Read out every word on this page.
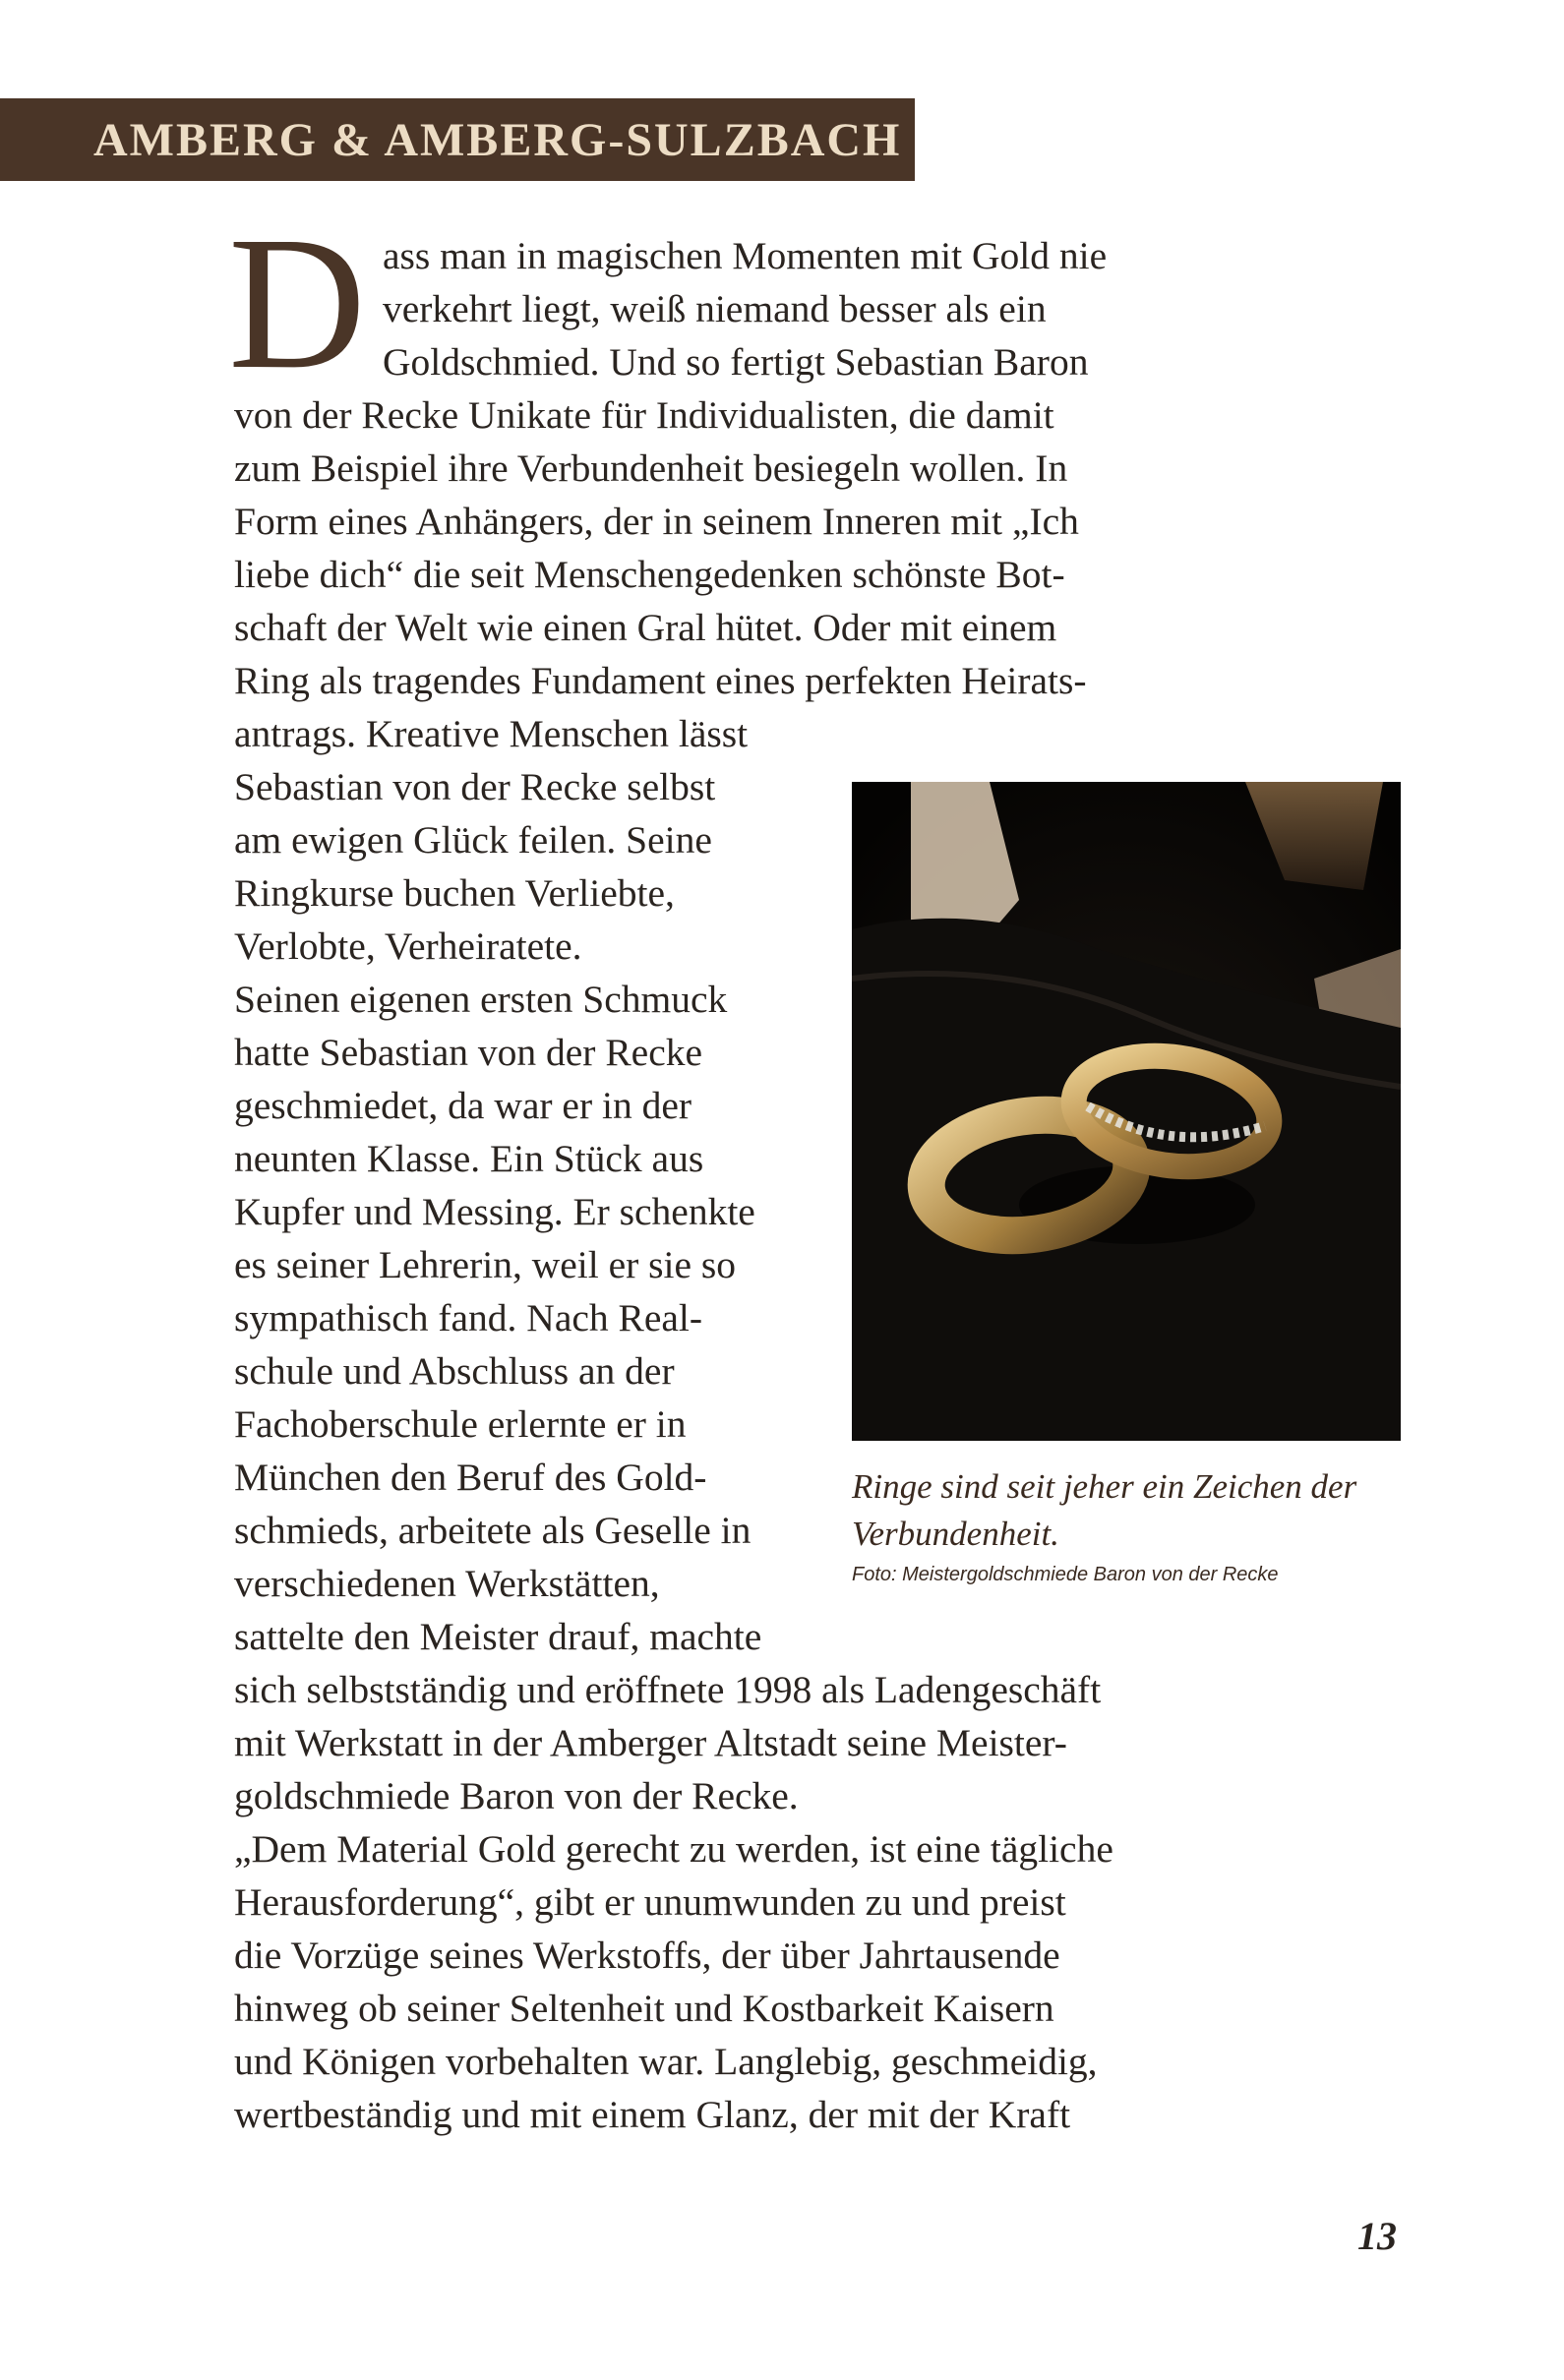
AMBERG & AMBERG-SULZBACH
D ass man in magischen Momenten mit Gold nie
verkehrt liegt, weiß niemand besser als ein
Goldschmied. Und so fertigt Sebastian Baron
von der Recke Unikate für Individualisten, die damit
zum Beispiel ihre Verbundenheit besiegeln wollen. In
Form eines Anhängers, der in seinem Inneren mit „Ich
liebe dich“ die seit Menschengedenken schönste Bot-
schaft der Welt wie einen Gral hütet. Oder mit einem
Ring als tragendes Fundament eines perfekten Heirats-
antrags. Kreative Menschen lässt
Sebastian von der Recke selbst
am ewigen Glück feilen. Seine
Ringkurse buchen Verliebte,
Verlobte, Verheiratete.
Seinen eigenen ersten Schmuck
hatte Sebastian von der Recke
geschmiedet, da war er in der
neunten Klasse. Ein Stück aus
Kupfer und Messing. Er schenkte
es seiner Lehrerin, weil er sie so
sympathisch fand. Nach Real-
schule und Abschluss an der
Fachoberschule erlernte er in
München den Beruf des Gold-
schmieds, arbeitete als Geselle in
verschiedenen Werkstätten,
sattelte den Meister drauf, machte
sich selbstständig und eröffnete 1998 als Ladengeschäft
mit Werkstatt in der Amberger Altstadt seine Meister-
goldschmiede Baron von der Recke.
„Dem Material Gold gerecht zu werden, ist eine tägliche
Herausforderung“, gibt er unumwunden zu und preist
die Vorzüge seines Werkstoffs, der über Jahrtausende
hinweg ob seiner Seltenheit und Kostbarkeit Kaisern
und Königen vorbehalten war. Langlebig, geschmeidig,
wertbeständig und mit einem Glanz, der mit der Kraft
Ringe sind seit jeher ein Zeichen der
Verbundenheit.
Foto: Meistergoldschmiede Baron von der Recke
13
